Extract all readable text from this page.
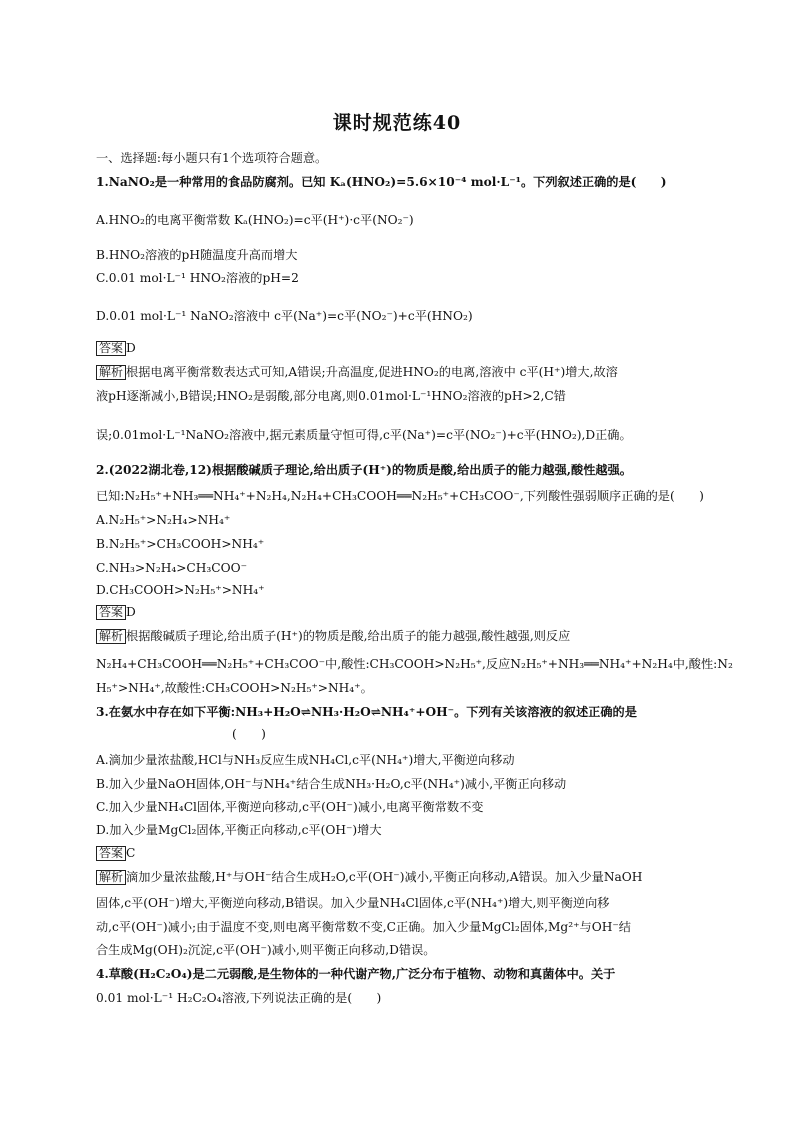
课时规范练40
一、选择题:每小题只有1个选项符合题意。
1.NaNO₂是一种常用的食品防腐剂。已知 Kₐ(HNO₂)=5.6×10⁻⁴ mol·L⁻¹。下列叙述正确的是(　　)
A.HNO₂的电离平衡常数 Kₐ(HNO₂)=c平(H⁺)·c平(NO₂⁻)
B.HNO₂溶液的pH随温度升高而增大
C.0.01 mol·L⁻¹ HNO₂溶液的pH=2
D.0.01 mol·L⁻¹ NaNO₂溶液中 c平(Na⁺)=c平(NO₂⁻)+c平(HNO₂)
答案 D
解析 根据电离平衡常数表达式可知,A错误;升高温度,促进HNO₂的电离,溶液中 c平(H⁺)增大,故溶
液pH逐渐减小,B错误;HNO₂是弱酸,部分电离,则0.01mol·L⁻¹HNO₂溶液的pH>2,C错
误;0.01mol·L⁻¹NaNO₂溶液中,据元素质量守恒可得,c平(Na⁺)=c平(NO₂⁻)+c平(HNO₂),D正确。
2.(2022湖北卷,12)根据酸碱质子理论,给出质子(H⁺)的物质是酸,给出质子的能力越强,酸性越强。
已知:N₂H₅⁺+NH₃══NH₄⁺+N₂H₄,N₂H₄+CH₃COOH══N₂H₅⁺+CH₃COO⁻,下列酸性强弱顺序正确的是(　　)
A.N₂H₅⁺>N₂H₄>NH₄⁺
B.N₂H₅⁺>CH₃COOH>NH₄⁺
C.NH₃>N₂H₄>CH₃COO⁻
D.CH₃COOH>N₂H₅⁺>NH₄⁺
答案 D
解析 根据酸碱质子理论,给出质子(H⁺)的物质是酸,给出质子的能力越强,酸性越强,则反应
N₂H₄+CH₃COOH══N₂H₅⁺+CH₃COO⁻中,酸性:CH₃COOH>N₂H₅⁺,反应N₂H₅⁺+NH₃══NH₄⁺+N₂H₄中,酸性:N₂
H₅⁺>NH₄⁺,故酸性:CH₃COOH>N₂H₅⁺>NH₄⁺。
3.在氨水中存在如下平衡:NH₃+H₂O⇌NH₃·H₂O⇌NH₄⁺+OH⁻。下列有关该溶液的叙述正确的是
(　　)
A.滴加少量浓盐酸,HCl与NH₃反应生成NH₄Cl,c平(NH₄⁺)增大,平衡逆向移动
B.加入少量NaOH固体,OH⁻与NH₄⁺结合生成NH₃·H₂O,c平(NH₄⁺)减小,平衡正向移动
C.加入少量NH₄Cl固体,平衡逆向移动,c平(OH⁻)减小,电离平衡常数不变
D.加入少量MgCl₂固体,平衡正向移动,c平(OH⁻)增大
答案 C
解析 滴加少量浓盐酸,H⁺与OH⁻结合生成H₂O,c平(OH⁻)减小,平衡正向移动,A错误。加入少量NaOH
固体,c平(OH⁻)增大,平衡逆向移动,B错误。加入少量NH₄Cl固体,c平(NH₄⁺)增大,则平衡逆向移
动,c平(OH⁻)减小;由于温度不变,则电离平衡常数不变,C正确。加入少量MgCl₂固体,Mg²⁺与OH⁻结
合生成Mg(OH)₂沉淀,c平(OH⁻)减小,则平衡正向移动,D错误。
4.草酸(H₂C₂O₄)是二元弱酸,是生物体的一种代谢产物,广泛分布于植物、动物和真菌体中。关于
0.01 mol·L⁻¹ H₂C₂O₄溶液,下列说法正确的是(　　)
